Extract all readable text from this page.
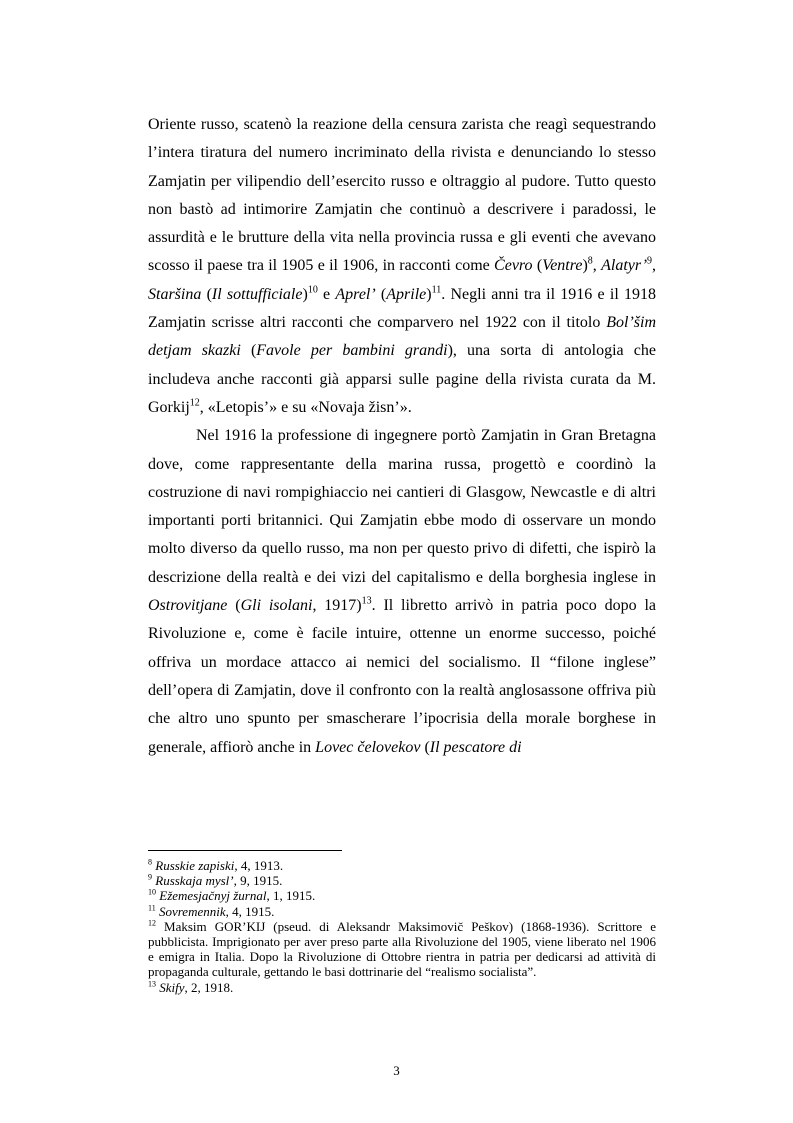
Oriente russo, scatenò la reazione della censura zarista che reagì sequestrando l’intera tiratura del numero incriminato della rivista e denunciando lo stesso Zamjatin per vilipendio dell’esercito russo e oltraggio al pudore. Tutto questo non bastò ad intimorire Zamjatin che continuò a descrivere i paradossi, le assurdità e le brutture della vita nella provincia russa e gli eventi che avevano scosso il paese tra il 1905 e il 1906, in racconti come Čevro (Ventre)$^8$, Alatyr’$^9$, Staršina (Il sottufficiale)$^{10}$ e Aprel’ (Aprile)$^{11}$. Negli anni tra il 1916 e il 1918 Zamjatin scrisse altri racconti che comparvero nel 1922 con il titolo Bol’šim detjam skazki (Favole per bambini grandi), una sorta di antologia che includeva anche racconti già apparsi sulle pagine della rivista curata da M. Gorkij$^{12}$, «Letopis’» e su «Novaja žisn’».

Nel 1916 la professione di ingegnere portò Zamjatin in Gran Bretagna dove, come rappresentante della marina russa, progettò e coordinò la costruzione di navi rompighiaccio nei cantieri di Glasgow, Newcastle e di altri importanti porti britannici. Qui Zamjatin ebbe modo di osservare un mondo molto diverso da quello russo, ma non per questo privo di difetti, che ispirò la descrizione della realtà e dei vizi del capitalismo e della borghesia inglese in Ostrovitjane (Gli isolani, 1917)$^{13}$. Il libretto arrivò in patria poco dopo la Rivoluzione e, come è facile intuire, ottenne un enorme successo, poiché offriva un mordace attacco ai nemici del socialismo. Il “filone inglese” dell’opera di Zamjatin, dove il confronto con la realtà anglosassone offriva più che altro uno spunto per smascherare l’ipocrisia della morale borghese in generale, affiorò anche in Lovec čelovekov (Il pescatore di

$^8$ Russkie zapiski, 4, 1913.
$^9$ Russkaja mysl’, 9, 1915.
$^{10}$ Ežemesjačnyj žurnal, 1, 1915.
$^{11}$ Sovremennik, 4, 1915.
$^{12}$ Maksim GOR’KIJ (pseud. di Aleksandr Maksimovič Peškov) (1868-1936). Scrittore e pubblicista. Imprigionato per aver preso parte alla Rivoluzione del 1905, viene liberato nel 1906 e emigra in Italia. Dopo la Rivoluzione di Ottobre rientra in patria per dedicarsi ad attività di propaganda culturale, gettando le basi dottrinarie del “realismo socialista”.
$^{13}$ Skify, 2, 1918.
3
